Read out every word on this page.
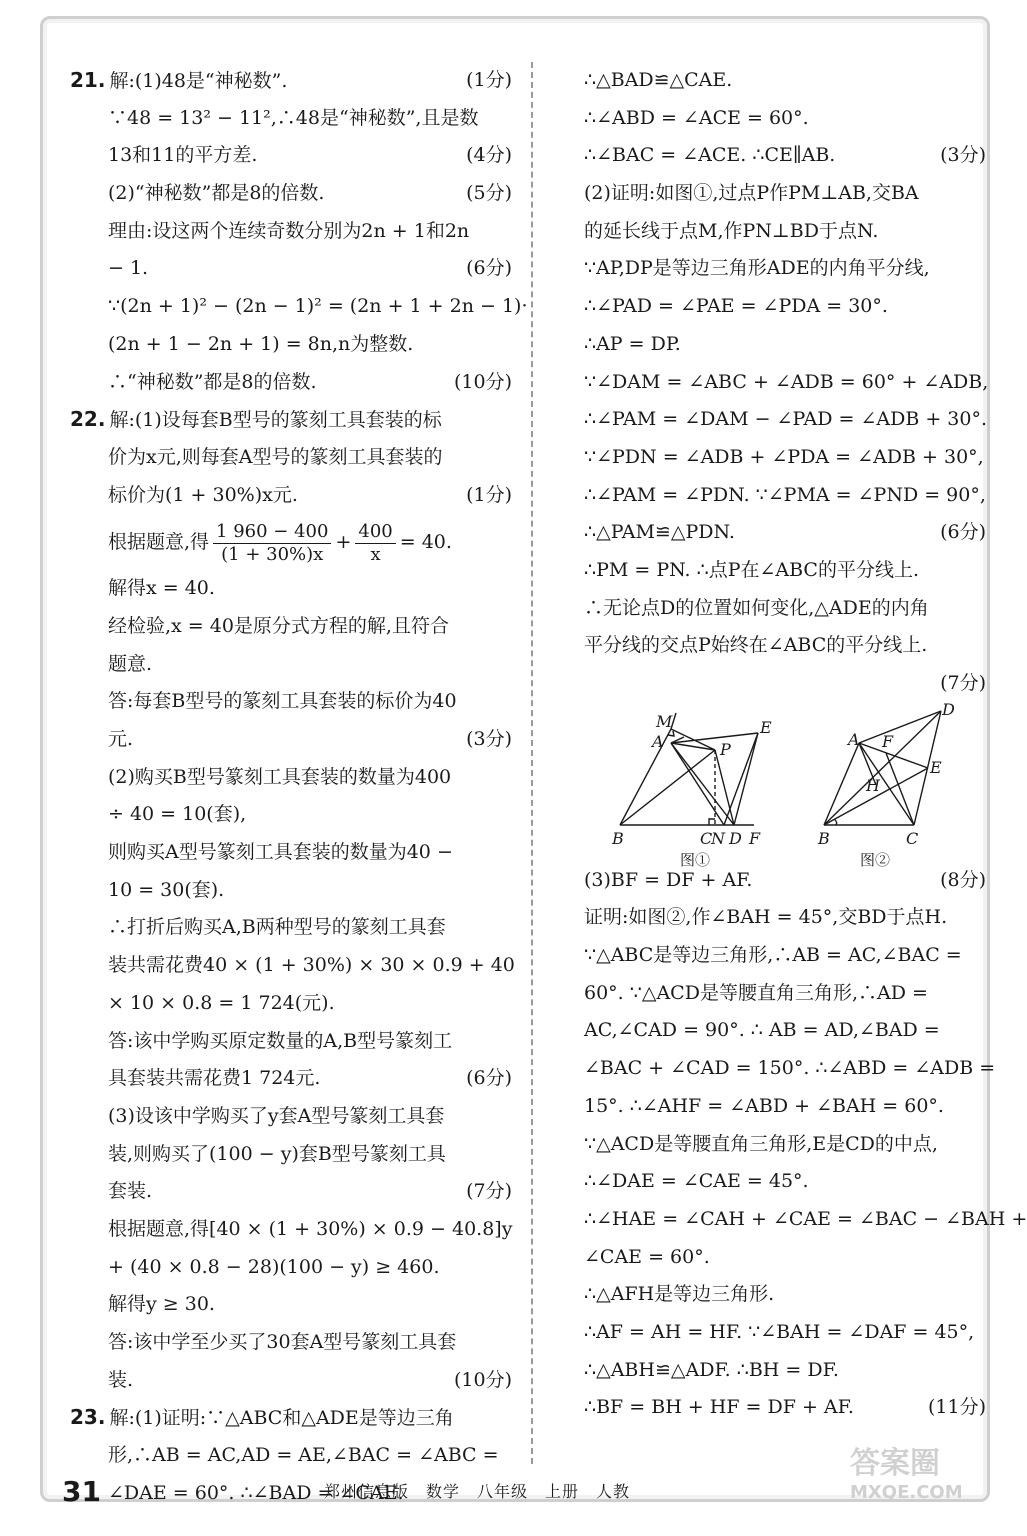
21. 解:(1)48是“神秘数”.	(1分)
∵48 = 13² − 11²,∴48是“神秘数”,且是数
13和11的平方差.	(4分)
(2)“神秘数”都是8的倍数.	(5分)
理由:设这两个连续奇数分别为2n + 1和2n
− 1.	(6分)
∵(2n + 1)² − (2n − 1)² = (2n + 1 + 2n − 1)·
(2n + 1 − 2n + 1) = 8n,n为整数.
∴“神秘数”都是8的倍数.	(10分)
22. 解:(1)设每套B型号的篆刻工具套装的标
价为x元,则每套A型号的篆刻工具套装的
标价为(1 + 30%)x元.	(1分)
根据题意,得 $\frac{1 960 - 400}{(1 + 30\%)x} + \frac{400}{x} = 40$.
解得x = 40.
经检验,x = 40是原分式方程的解,且符合
题意.
答:每套B型号的篆刻工具套装的标价为40
元.	(3分)
(2)购买B型号篆刻工具套装的数量为400
÷ 40 = 10(套),
则购买A型号篆刻工具套装的数量为40 −
10 = 30(套).
∴打折后购买A,B两种型号的篆刻工具套
装共需花费40 × (1 + 30%) × 30 × 0.9 + 40
× 10 × 0.8 = 1 724(元).
答:该中学购买原定数量的A,B型号篆刻工
具套装共需花费1 724元.	(6分)
(3)设该中学购买了y套A型号篆刻工具套
装,则购买了(100 − y)套B型号篆刻工具
套装.	(7分)
根据题意,得[40 × (1 + 30%) × 0.9 − 40.8]y
+ (40 × 0.8 − 28)(100 − y) ≥ 460.
解得y ≥ 30.
答:该中学至少买了30套A型号篆刻工具套
装.	(10分)
23. 解:(1)证明:∵△ABC和△ADE是等边三角
形,∴AB = AC,AD = AE,∠BAC = ∠ABC =
∠DAE = 60°. ∴∠BAD = ∠CAE.
∴△BAD≌△CAE.
∴∠ABD = ∠ACE = 60°.
∴∠BAC = ∠ACE. ∴CE∥AB.	(3分)
(2)证明:如图①,过点P作PM⊥AB,交BA
的延长线于点M,作PN⊥BD于点N.
∵AP,DP是等边三角形ADE的内角平分线,
∴∠PAD = ∠PAE = ∠PDA = 30°.
∴AP = DP.
∵∠DAM = ∠ABC + ∠ADB = 60° + ∠ADB,
∴∠PAM = ∠DAM − ∠PAD = ∠ADB + 30°.
∵∠PDN = ∠ADB + ∠PDA = ∠ADB + 30°,
∴∠PAM = ∠PDN. ∵∠PMA = ∠PND = 90°,
∴△PAM≌△PDN.	(6分)
∴PM = PN. ∴点P在∠ABC的平分线上.
∴无论点D的位置如何变化,△ADE的内角
平分线的交点P始终在∠ABC的平分线上.
(7分)
M
A
E
P
B	C
N D F
图①
D
A F
E
H
B	C
图②
(3)BF = DF + AF.	(8分)
证明:如图②,作∠BAH = 45°,交BD于点H.
∵△ABC是等边三角形,∴AB = AC,∠BAC =
60°. ∵△ACD是等腰直角三角形,∴AD =
AC,∠CAD = 90°. ∴ AB = AD,∠BAD =
∠BAC + ∠CAD = 150°. ∴∠ABD = ∠ADB =
15°. ∴∠AHF = ∠ABD + ∠BAH = 60°.
∵△ACD是等腰直角三角形,E是CD的中点,
∴∠DAE = ∠CAE = 45°.
∴∠HAE = ∠CAH + ∠CAE = ∠BAC − ∠BAH +
∠CAE = 60°.
∴△AFH是等边三角形.
∴AF = AH = HF. ∵∠BAH = ∠DAF = 45°,
∴△ABH≌△ADF. ∴BH = DF.
∴BF = BH + HF = DF + AF.	(11分)
31	郑州信息版　数学　八年级　上册　人教
答案圈
MXQE.COM
